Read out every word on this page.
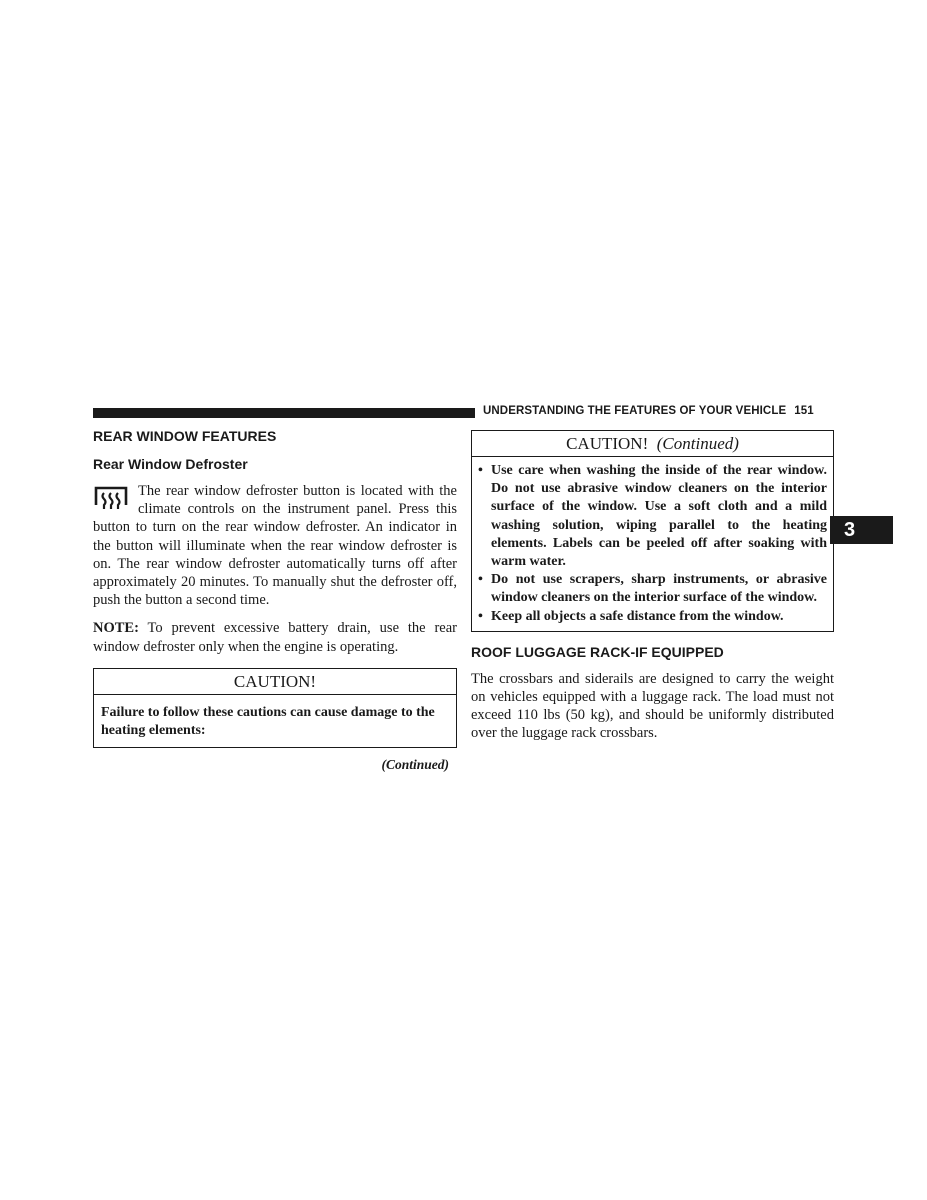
UNDERSTANDING THE FEATURES OF YOUR VEHICLE 151
3
REAR WINDOW FEATURES
Rear Window Defroster

The rear window defroster button is located with the climate controls on the instrument panel. Press this button to turn on the rear window defroster. An indicator in the button will illuminate when the rear window defroster is on. The rear window defroster automatically turns off after approximately 20 minutes. To manually shut the defroster off, push the button a second time.

NOTE: To prevent excessive battery drain, use the rear window defroster only when the engine is operating.

CAUTION!
Failure to follow these cautions can cause damage to the heating elements:
(Continued)
CAUTION! (Continued)
• Use care when washing the inside of the rear window. Do not use abrasive window cleaners on the interior surface of the window. Use a soft cloth and a mild washing solution, wiping parallel to the heating elements. Labels can be peeled off after soaking with warm water.
• Do not use scrapers, sharp instruments, or abrasive window cleaners on the interior surface of the window.
• Keep all objects a safe distance from the window.
ROOF LUGGAGE RACK-IF EQUIPPED

The crossbars and siderails are designed to carry the weight on vehicles equipped with a luggage rack. The load must not exceed 110 lbs (50 kg), and should be uniformly distributed over the luggage rack crossbars.
